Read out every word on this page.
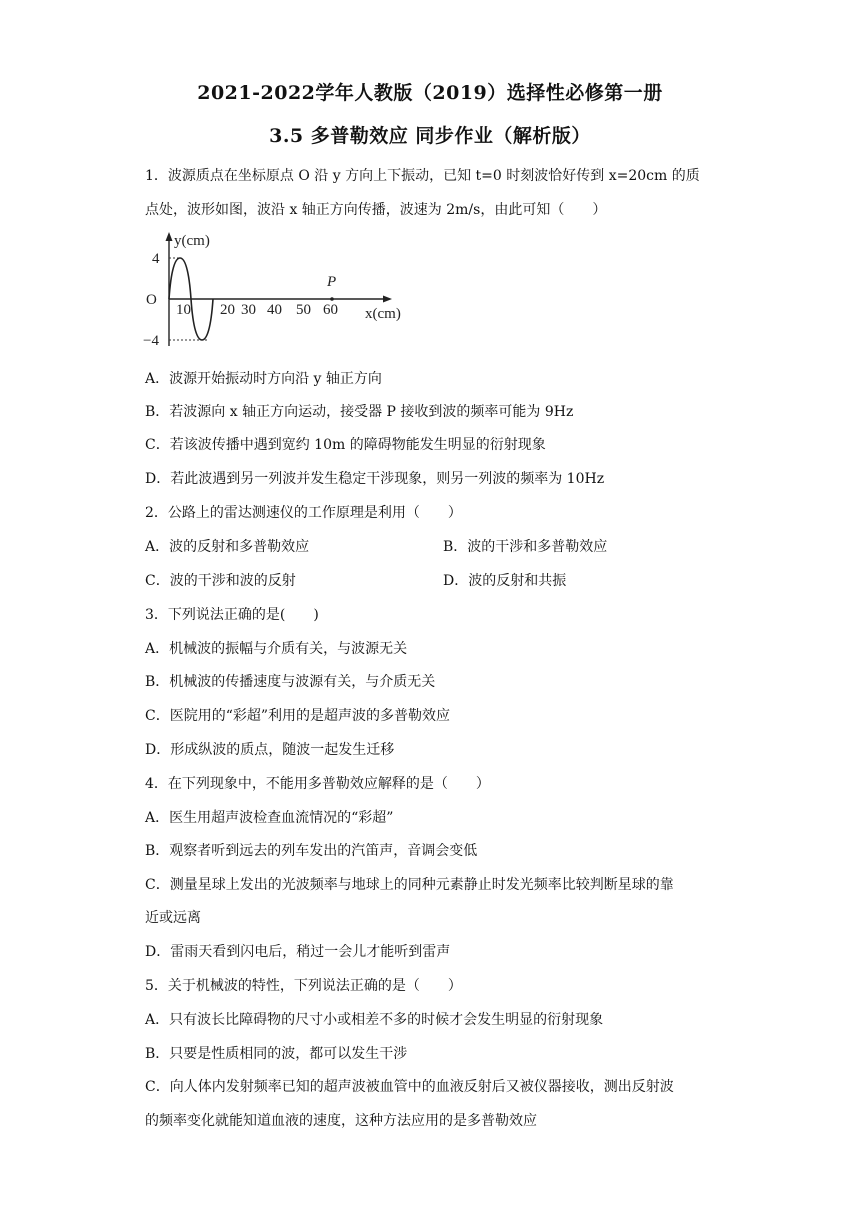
2021-2022学年人教版（2019）选择性必修第一册
3.5 多普勒效应 同步作业（解析版）
1．波源质点在坐标原点 O 沿 y 方向上下振动，已知 t=0 时刻波恰好传到 x=20cm 的质
点处，波形如图，波沿 x 轴正方向传播，波速为 2m/s，由此可知（　　）
y(cm)
x(cm)
O
4
−4
10 20 30 40 50 60
P
A．波源开始振动时方向沿 y 轴正方向
B．若波源向 x 轴正方向运动，接受器 P 接收到波的频率可能为 9Hz
C．若该波传播中遇到宽约 10m 的障碍物能发生明显的衍射现象
D．若此波遇到另一列波并发生稳定干涉现象，则另一列波的频率为 10Hz
2．公路上的雷达测速仪的工作原理是利用（　　）
A．波的反射和多普勒效应	B．波的干涉和多普勒效应
C．波的干涉和波的反射	D．波的反射和共振
3．下列说法正确的是(　　)
A．机械波的振幅与介质有关，与波源无关
B．机械波的传播速度与波源有关，与介质无关
C．医院用的“彩超”利用的是超声波的多普勒效应
D．形成纵波的质点，随波一起发生迁移
4．在下列现象中，不能用多普勒效应解释的是（　　）
A．医生用超声波检查血流情况的“彩超”
B．观察者听到远去的列车发出的汽笛声，音调会变低
C．测量星球上发出的光波频率与地球上的同种元素静止时发光频率比较判断星球的靠
近或远离
D．雷雨天看到闪电后，稍过一会儿才能听到雷声
5．关于机械波的特性，下列说法正确的是（　　）
A．只有波长比障碍物的尺寸小或相差不多的时候才会发生明显的衍射现象
B．只要是性质相同的波，都可以发生干涉
C．向人体内发射频率已知的超声波被血管中的血液反射后又被仪器接收，测出反射波
的频率变化就能知道血液的速度，这种方法应用的是多普勒效应
